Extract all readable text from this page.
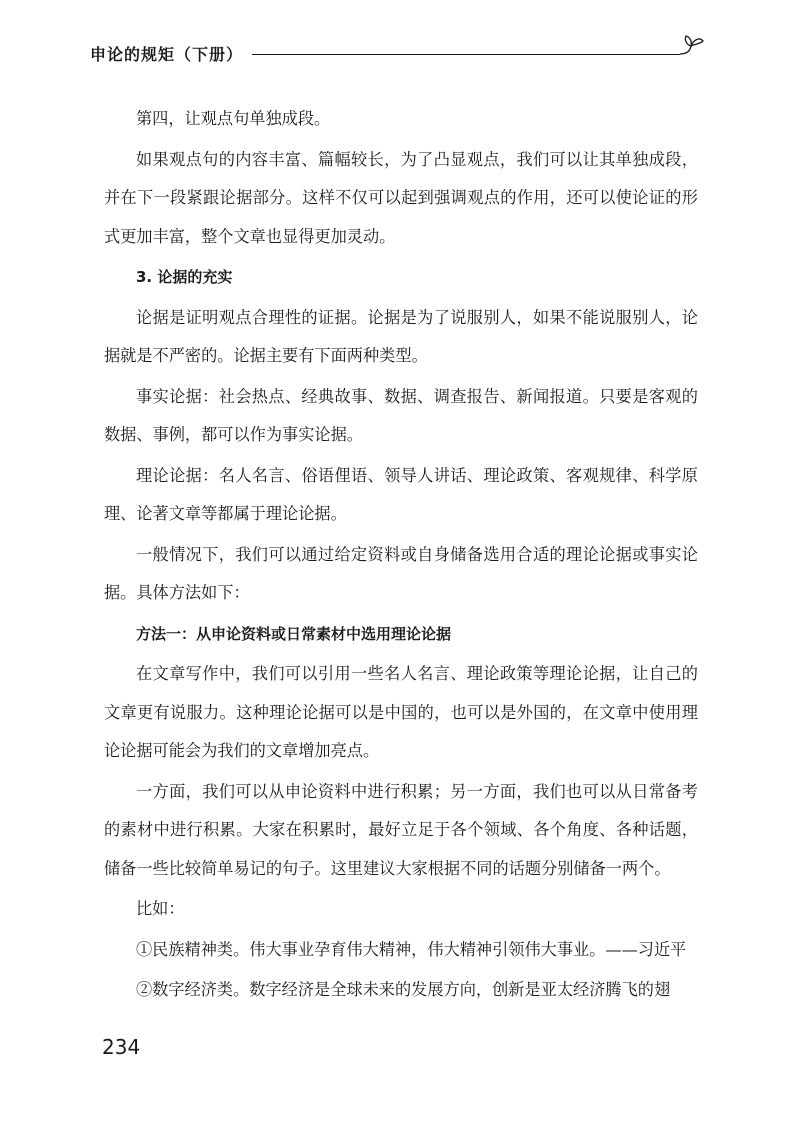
申论的规矩（下册）

第四，让观点句单独成段。

如果观点句的内容丰富、篇幅较长，为了凸显观点，我们可以让其单独成段，并在下一段紧跟论据部分。这样不仅可以起到强调观点的作用，还可以使论证的形式更加丰富，整个文章也显得更加灵动。

3. 论据的充实

论据是证明观点合理性的证据。论据是为了说服别人，如果不能说服别人，论据就是不严密的。论据主要有下面两种类型。

事实论据：社会热点、经典故事、数据、调查报告、新闻报道。只要是客观的数据、事例，都可以作为事实论据。

理论论据：名人名言、俗语俚语、领导人讲话、理论政策、客观规律、科学原理、论著文章等都属于理论论据。

一般情况下，我们可以通过给定资料或自身储备选用合适的理论论据或事实论据。具体方法如下：

方法一：从申论资料或日常素材中选用理论论据

在文章写作中，我们可以引用一些名人名言、理论政策等理论论据，让自己的文章更有说服力。这种理论论据可以是中国的，也可以是外国的，在文章中使用理论论据可能会为我们的文章增加亮点。

一方面，我们可以从申论资料中进行积累；另一方面，我们也可以从日常备考的素材中进行积累。大家在积累时，最好立足于各个领域、各个角度、各种话题，储备一些比较简单易记的句子。这里建议大家根据不同的话题分别储备一两个。

比如：

①民族精神类。伟大事业孕育伟大精神，伟大精神引领伟大事业。——习近平

②数字经济类。数字经济是全球未来的发展方向，创新是亚太经济腾飞的翅

234
